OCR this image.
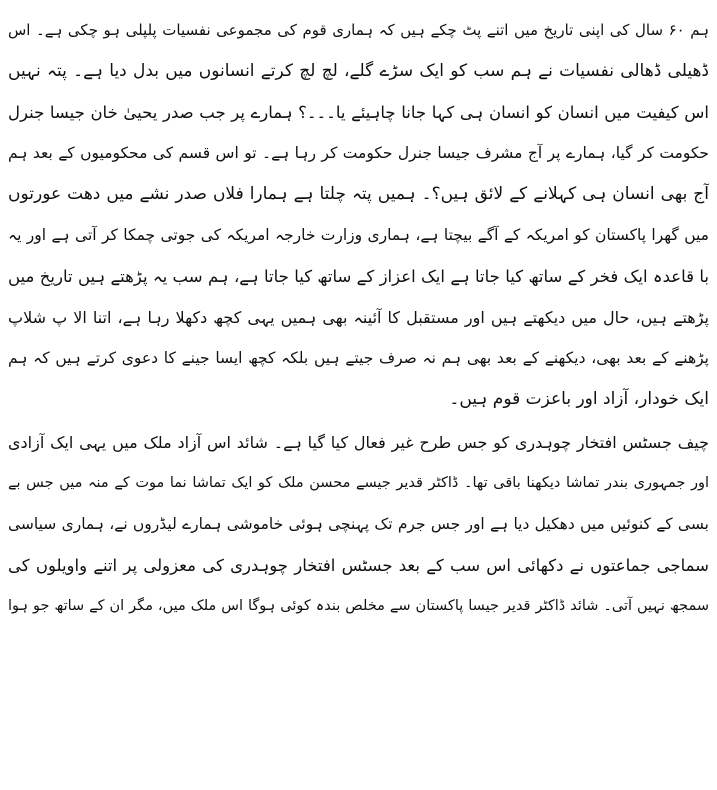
ہم ۶۰ سال کی اپنی تاریخ میں اتنے پٹ چکے ہیں کہ ہماری قوم کی مجموعی نفسیات پلپلی ہو چکی ہے۔ اس
ڈھیلی ڈھالی نفسیات نے ہم سب کو ایک سڑے گلے، لچ لچ کرتے انسانوں میں بدل دیا ہے۔ پتہ نہیں
اس کیفیت میں انسان کو انسان ہی کہا جانا چاہیئے یا۔۔۔؟ ہمارے پر جب صدر یحییٰ خان جیسا جنرل
حکومت کر گیا، ہمارے پر آج مشرف جیسا جنرل حکومت کر رہا ہے۔ تو اس قسم کی محکومیوں کے بعد ہم
آج بھی انسان ہی کہلانے کے لائق ہیں؟۔ ہمیں پتہ چلتا ہے ہمارا فلاں صدر نشے میں دھت عورتوں
میں گھرا پاکستان کو امریکہ کے آگے بیچتا ہے، ہماری وزارت خارجہ امریکہ کی جوتی چمکا کر آتی ہے اور یہ
با قاعدہ ایک فخر کے ساتھ کیا جاتا ہے ایک اعزاز کے ساتھ کیا جاتا ہے، ہم سب یہ پڑھتے ہیں تاریخ میں
پڑھتے ہیں، حال میں دیکھتے ہیں اور مستقبل کا آئینہ بھی ہمیں یہی کچھ دکھلا رہا ہے، اتنا الا پ شلاپ
پڑھنے کے بعد بھی، دیکھنے کے بعد بھی ہم نہ صرف جیتے ہیں بلکہ کچھ ایسا جینے کا دعوی کرتے ہیں کہ ہم
ایک خودار، آزاد اور باعزت قوم ہیں۔
چیف جسٹس افتخار چوہدری کو جس طرح غیر فعال کیا گیا ہے۔ شائد اس آزاد ملک میں یہی ایک آزادی
اور جمہوری بندر تماشا دیکھنا باقی تھا۔ ڈاکٹر قدیر جیسے محسن ملک کو ایک تماشا نما موت کے منہ میں جس بے
بسی کے کنوئیں میں دھکیل دیا ہے اور جس جرم تک پہنچی ہوئی خاموشی ہمارے لیڈروں نے، ہماری سیاسی
سماجی جماعتوں نے دکھائی اس سب کے بعد جسٹس افتخار چوہدری کی معزولی پر اتنے واویلوں کی
سمجھ نہیں آتی۔ شائد ڈاکٹر قدیر جیسا پاکستان سے مخلص بندہ کوئی ہوگا اس ملک میں، مگر ان کے ساتھ جو ہوا
